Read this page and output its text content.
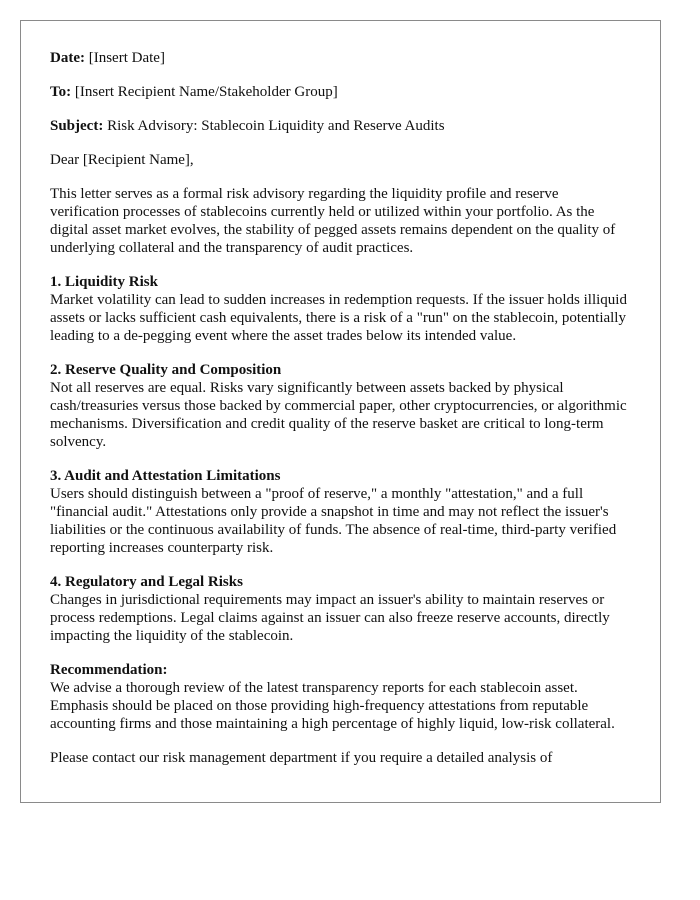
Date: [Insert Date]
To: [Insert Recipient Name/Stakeholder Group]
Subject: Risk Advisory: Stablecoin Liquidity and Reserve Audits
Dear [Recipient Name],
This letter serves as a formal risk advisory regarding the liquidity profile and reserve verification processes of stablecoins currently held or utilized within your portfolio. As the digital asset market evolves, the stability of pegged assets remains dependent on the quality of underlying collateral and the transparency of audit practices.
1. Liquidity Risk
Market volatility can lead to sudden increases in redemption requests. If the issuer holds illiquid assets or lacks sufficient cash equivalents, there is a risk of a "run" on the stablecoin, potentially leading to a de-pegging event where the asset trades below its intended value.
2. Reserve Quality and Composition
Not all reserves are equal. Risks vary significantly between assets backed by physical cash/treasuries versus those backed by commercial paper, other cryptocurrencies, or algorithmic mechanisms. Diversification and credit quality of the reserve basket are critical to long-term solvency.
3. Audit and Attestation Limitations
Users should distinguish between a "proof of reserve," a monthly "attestation," and a full "financial audit." Attestations only provide a snapshot in time and may not reflect the issuer's liabilities or the continuous availability of funds. The absence of real-time, third-party verified reporting increases counterparty risk.
4. Regulatory and Legal Risks
Changes in jurisdictional requirements may impact an issuer's ability to maintain reserves or process redemptions. Legal claims against an issuer can also freeze reserve accounts, directly impacting the liquidity of the stablecoin.
Recommendation:
We advise a thorough review of the latest transparency reports for each stablecoin asset. Emphasis should be placed on those providing high-frequency attestations from reputable accounting firms and those maintaining a high percentage of highly liquid, low-risk collateral.
Please contact our risk management department if you require a detailed analysis of
